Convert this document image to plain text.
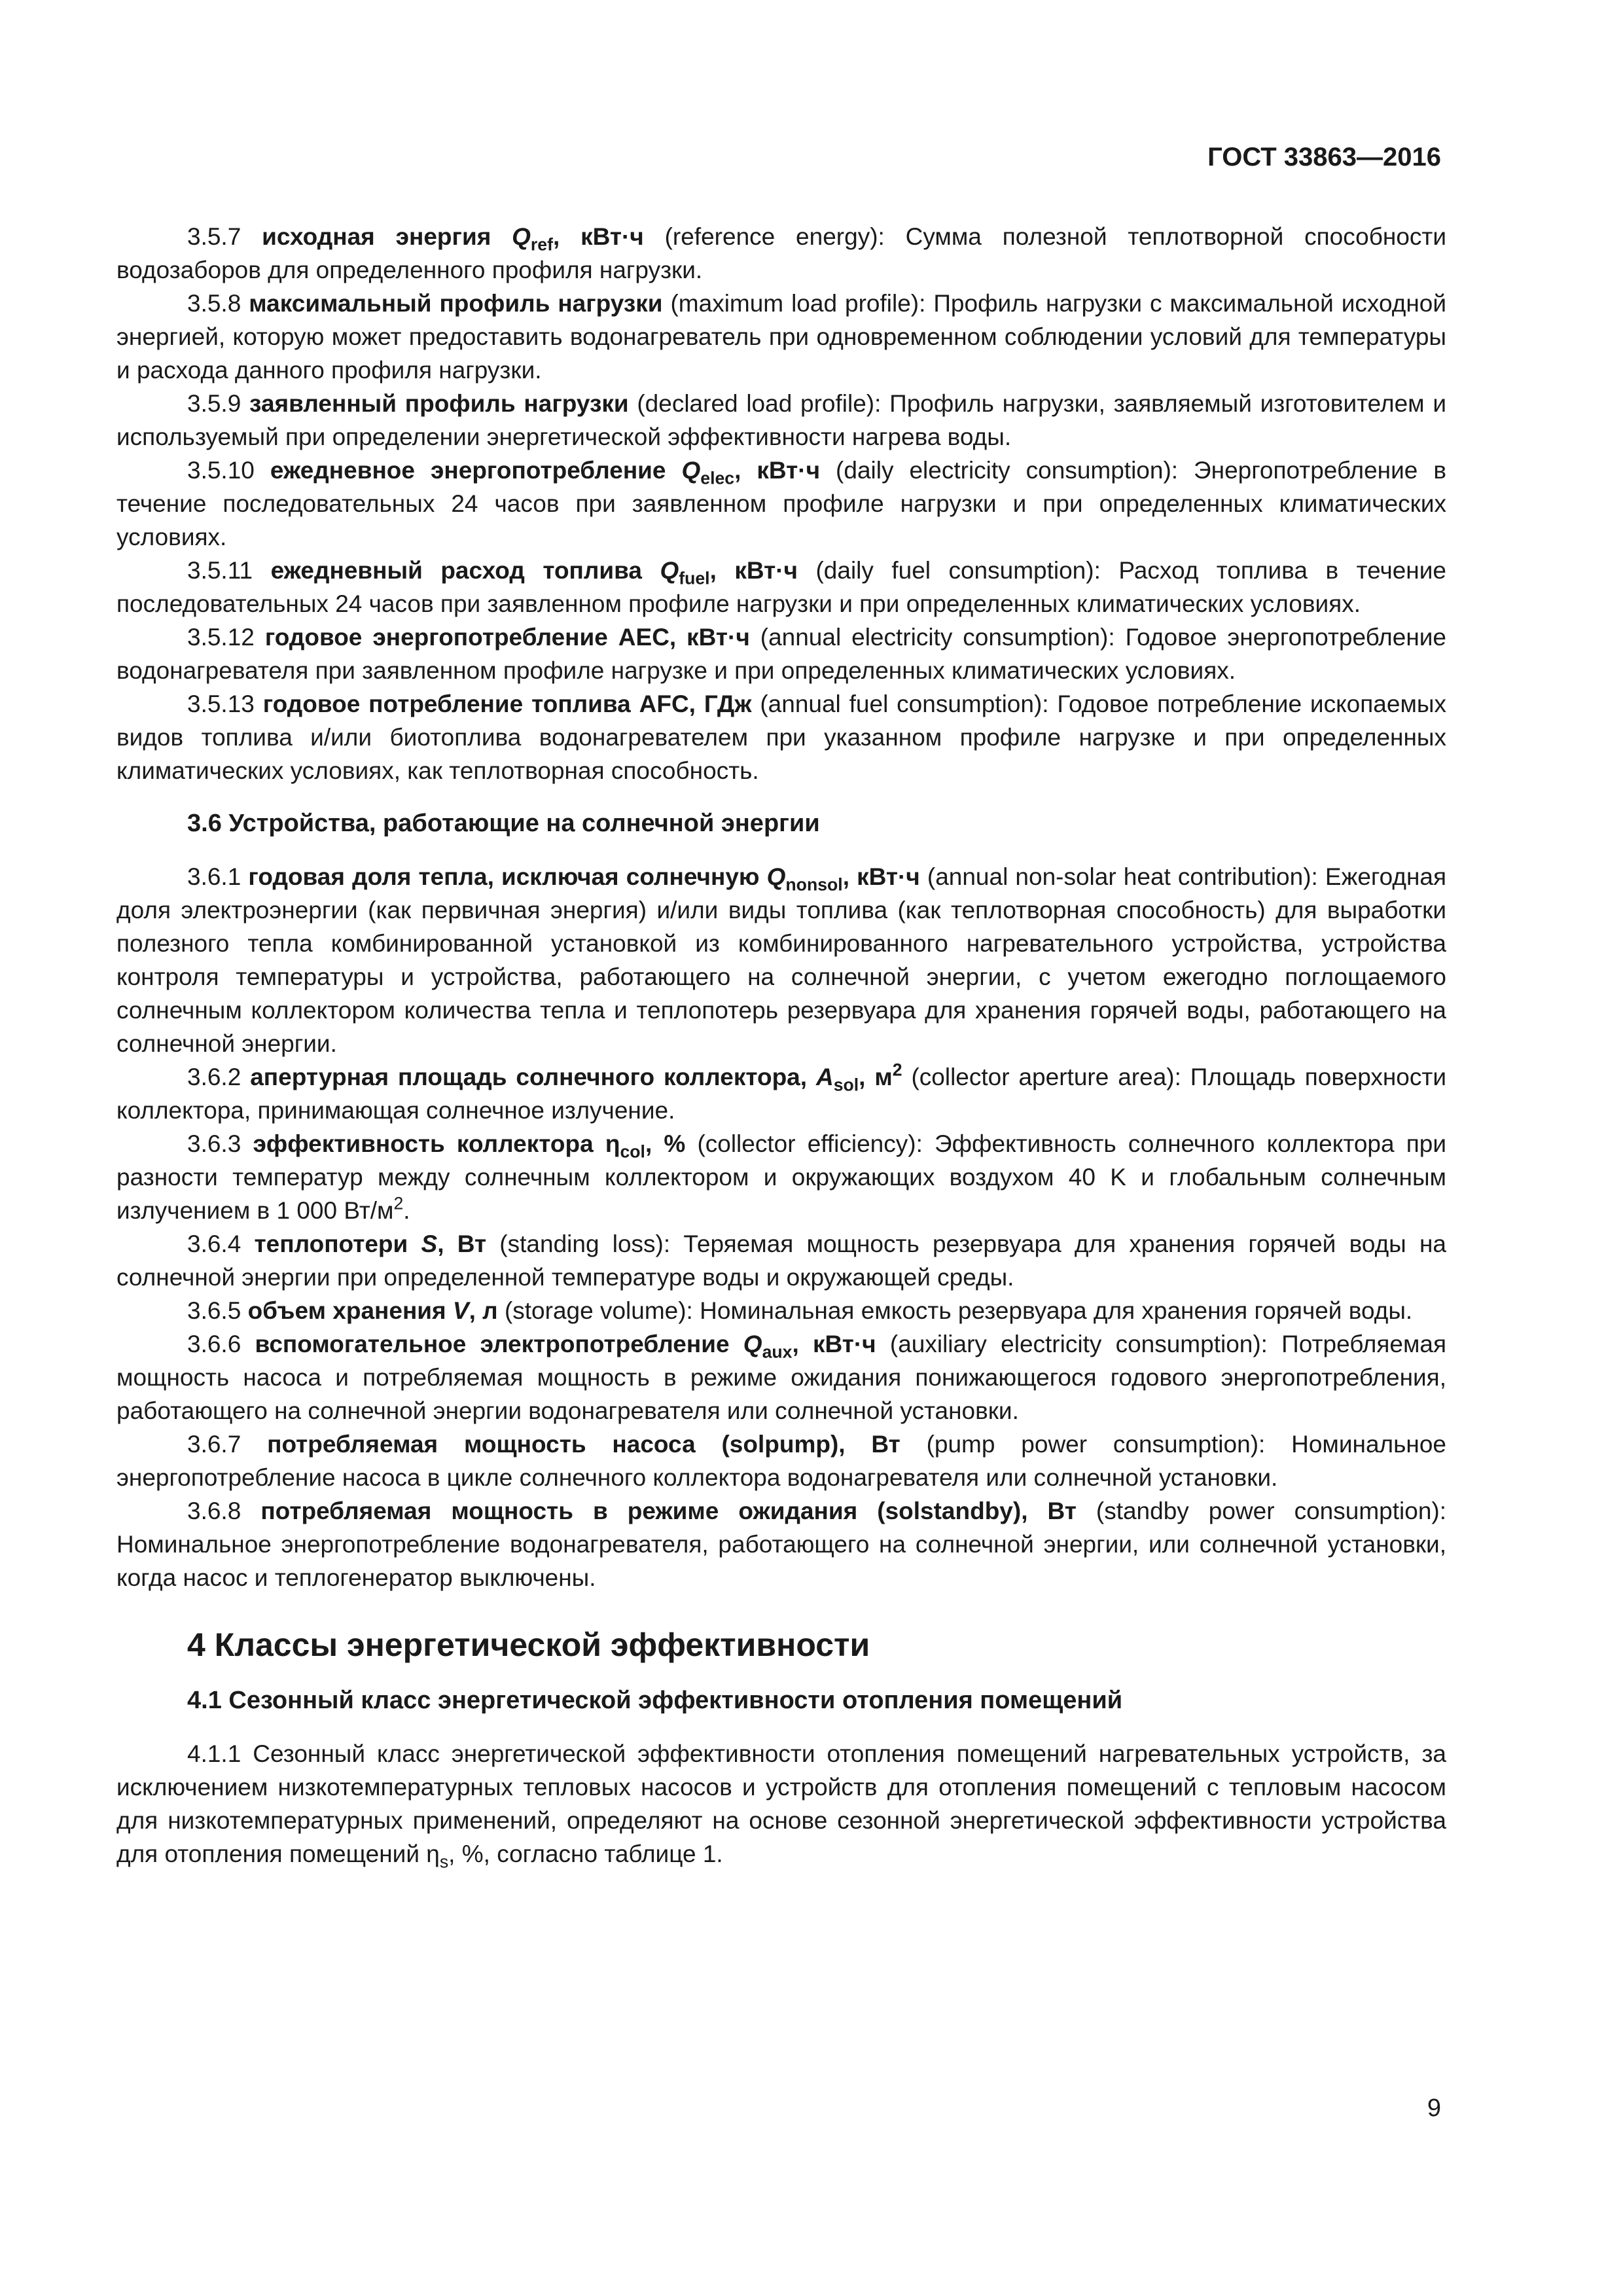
ГОСТ 33863—2016

3.5.7 исходная энергия $Q_{ref}$, кВт·ч (reference energy): Сумма полезной теплотворной способности водозаборов для определенного профиля нагрузки.

3.5.8 максимальный профиль нагрузки (maximum load profile): Профиль нагрузки с максимальной исходной энергией, которую может предоставить водонагреватель при одновременном соблюдении условий для температуры и расхода данного профиля нагрузки.

3.5.9 заявленный профиль нагрузки (declared load profile): Профиль нагрузки, заявляемый изготовителем и используемый при определении энергетической эффективности нагрева воды.

3.5.10 ежедневное энергопотребление $Q_{elec}$, кВт·ч (daily electricity consumption): Энергопотребление в течение последовательных 24 часов при заявленном профиле нагрузки и при определенных климатических условиях.

3.5.11 ежедневный расход топлива $Q_{fuel}$, кВт·ч (daily fuel consumption): Расход топлива в течение последовательных 24 часов при заявленном профиле нагрузки и при определенных климатических условиях.

3.5.12 годовое энергопотребление AEC, кВт·ч (annual electricity consumption): Годовое энергопотребление водонагревателя при заявленном профиле нагрузке и при определенных климатических условиях.

3.5.13 годовое потребление топлива AFC, ГДж (annual fuel consumption): Годовое потребление ископаемых видов топлива и/или биотоплива водонагревателем при указанном профиле нагрузке и при определенных климатических условиях, как теплотворная способность.

3.6 Устройства, работающие на солнечной энергии

3.6.1 годовая доля тепла, исключая солнечную $Q_{nonsol}$, кВт·ч (annual non-solar heat contribution): Ежегодная доля электроэнергии (как первичная энергия) и/или виды топлива (как теплотворная способность) для выработки полезного тепла комбинированной установкой из комбинированного нагревательного устройства, устройства контроля температуры и устройства, работающего на солнечной энергии, с учетом ежегодно поглощаемого солнечным коллектором количества тепла и теплопотерь резервуара для хранения горячей воды, работающего на солнечной энергии.

3.6.2 апертурная площадь солнечного коллектора, $A_{sol}$, $м^2$ (collector aperture area): Площадь поверхности коллектора, принимающая солнечное излучение.

3.6.3 эффективность коллектора $\eta_{col}$, % (collector efficiency): Эффективность солнечного коллектора при разности температур между солнечным коллектором и окружающих воздухом 40 K и глобальным солнечным излучением в 1 000 $Вт/м^2$.

3.6.4 теплопотери S, Вт (standing loss): Теряемая мощность резервуара для хранения горячей воды на солнечной энергии при определенной температуре воды и окружающей среды.

3.6.5 объем хранения V, л (storage volume): Номинальная емкость резервуара для хранения горячей воды.

3.6.6 вспомогательное электропотребление $Q_{aux}$, кВт·ч (auxiliary electricity consumption): Потребляемая мощность насоса и потребляемая мощность в режиме ожидания понижающегося годового энергопотребления, работающего на солнечной энергии водонагревателя или солнечной установки.

3.6.7 потребляемая мощность насоса (solpump), Вт (pump power consumption): Номинальное энергопотребление насоса в цикле солнечного коллектора водонагревателя или солнечной установки.

3.6.8 потребляемая мощность в режиме ожидания (solstandby), Вт (standby power consumption): Номинальное энергопотребление водонагревателя, работающего на солнечной энергии, или солнечной установки, когда насос и теплогенератор выключены.

4 Классы энергетической эффективности
4.1 Сезонный класс энергетической эффективности отопления помещений

4.1.1 Сезонный класс энергетической эффективности отопления помещений нагревательных устройств, за исключением низкотемпературных тепловых насосов и устройств для отопления помещений с тепловым насосом для низкотемпературных применений, определяют на основе сезонной энергетической эффективности устройства для отопления помещений $\eta_s$, %, согласно таблице 1.

9
